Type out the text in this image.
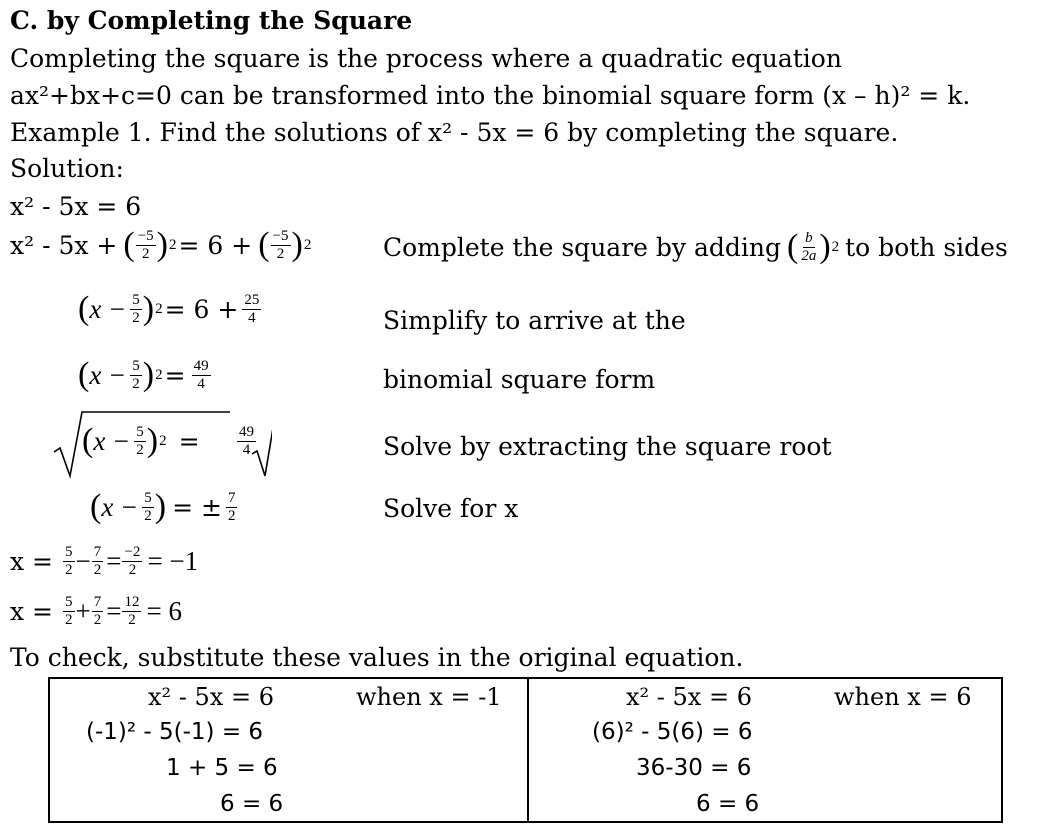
C. by Completing the Square
Completing the square is the process where a quadratic equation
ax²+bx+c=0 can be transformed into the binomial square form (x – h)² = k.
Example 1. Find the solutions of x² - 5x = 6 by completing the square.
Solution:
x² - 5x = 6
x² - 5x + ( $\frac{-5}{2}$ ) 2 = 6 + ( $\frac{-5}{2}$ ) 2	Complete the square by adding ( $\frac{b}{2a}$ ) 2 to both sides
( $x - \frac{5}{2}$ ) $2 = 6 + \frac{25}{4}$	Simplify to arrive at the
( $x - \frac{5}{2}$ ) $2 = \frac{49}{4}$	binomial square form
( $x - \frac{5}{2}$ ) $2 = \frac{49}{4}$	Solve by extracting the square root
( $x - \frac{5}{2}$ ) = ± $\frac{7}{2}$	Solve for x
$x = \frac{5}{2} - \frac{7}{2} = \frac{-2}{2} = -1$
$x = \frac{5}{2} + \frac{7}{2} = \frac{12}{2} = 6$
To check, substitute these values in the original equation.
x² - 5x = 6	when x = -1
(-1)² - 5(-1) = 6
1 + 5 = 6
6 = 6
x² - 5x = 6	when x = 6
(6)² - 5(6) = 6
36-30 = 6
6 = 6
